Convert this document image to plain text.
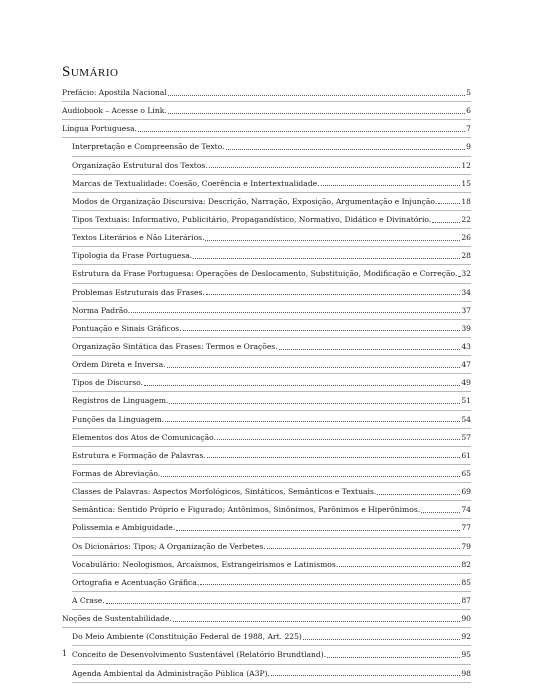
Sumário
Prefácio: Apostila Nacional	5
Audiobook – Acesse o Link.	6
Língua Portuguesa.	7
Interpretação e Compreensão de Texto.	9
Organização Estrutural dos Textos.	12
Marcas de Textualidade: Coesão, Coerência e Intertextualidade.	15
Modos de Organização Discursiva: Descrição, Narração, Exposição, Argumentação e Injunção.	18
Tipos Textuais: Informativo, Publicitário, Propagandístico, Normativo, Didático e Divinatório.	22
Textos Literários e Não Literários.	26
Tipologia da Frase Portuguesa.	28
Estrutura da Frase Portuguesa: Operações de Deslocamento, Substituição, Modificação e Correção. 32
Problemas Estruturais das Frases.	34
Norma Padrão.	37
Pontuação e Sinais Gráficos.	39
Organização Sintática das Frases: Termos e Orações.	43
Ordem Direta e Inversa.	47
Tipos de Discurso.	49
Registros de Linguagem.	51
Funções da Linguagem.	54
Elementos dos Atos de Comunicação.	57
Estrutura e Formação de Palavras.	61
Formas de Abreviação.	65
Classes de Palavras: Aspectos Morfológicos, Sintáticos, Semânticos e Textuais.	69
Semântica: Sentido Próprio e Figurado; Antônimos, Sinônimos, Parônimos e Hiperônimos.	74
Polissemia e Ambiguidade.	77
Os Dicionários: Tipos; A Organização de Verbetes.	79
Vocabulário: Neologismos, Arcaísmos, Estrangeirismos e Latinismos.	82
Ortografia e Acentuação Gráfica.	85
A Crase.	87
Noções de Sustentabilidade.	90
Do Meio Ambiente (Constituição Federal de 1988, Art. 225)	92
Conceito de Desenvolvimento Sustentável (Relatório Brundtland).	95
Agenda Ambiental da Administração Pública (A3P).	98
1
